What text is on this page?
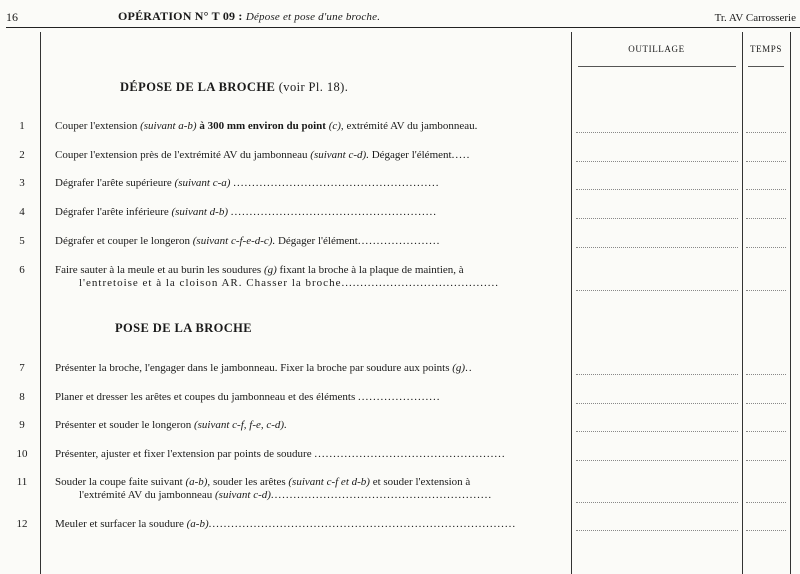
16	OPÉRATION N° T 09 : Dépose et pose d'une broche.	Tr. AV Carrosserie
OUTILLAGE	TEMPS
DÉPOSE DE LA BROCHE (voir Pl. 18).
1	Couper l'extension (suivant a-b) à 300 mm environ du point (c), extrémité AV du jambonneau.
2	Couper l'extension près de l'extrémité AV du jambonneau (suivant c-d). Dégager l'élément.....
3	Dégrafer l'arête supérieure (suivant c-a) .......................................................
4	Dégrafer l'arête inférieure (suivant d-b) .......................................................
5	Dégrafer et couper le longeron (suivant c-f-e-d-c). Dégager l'élément......................
6	Faire sauter à la meule et au burin les soudures (g) fixant la broche à la plaque de maintien, à
l'entretoise et à la cloison AR. Chasser la broche..........................................
POSE DE LA BROCHE
7	Présenter la broche, l'engager dans le jambonneau. Fixer la broche par soudure aux points (g)..
8	Planer et dresser les arêtes et coupes du jambonneau et des éléments ......................
9	Présenter et souder le longeron (suivant c-f, f-e, c-d).
10	Présenter, ajuster et fixer l'extension par points de soudure ...................................................
11	Souder la coupe faite suivant (a-b), souder les arêtes (suivant c-f et d-b) et souder l'extension à
l'extrémité AV du jambonneau (suivant c-d)...........................................................
12	Meuler et surfacer la soudure (a-b)..................................................................................
